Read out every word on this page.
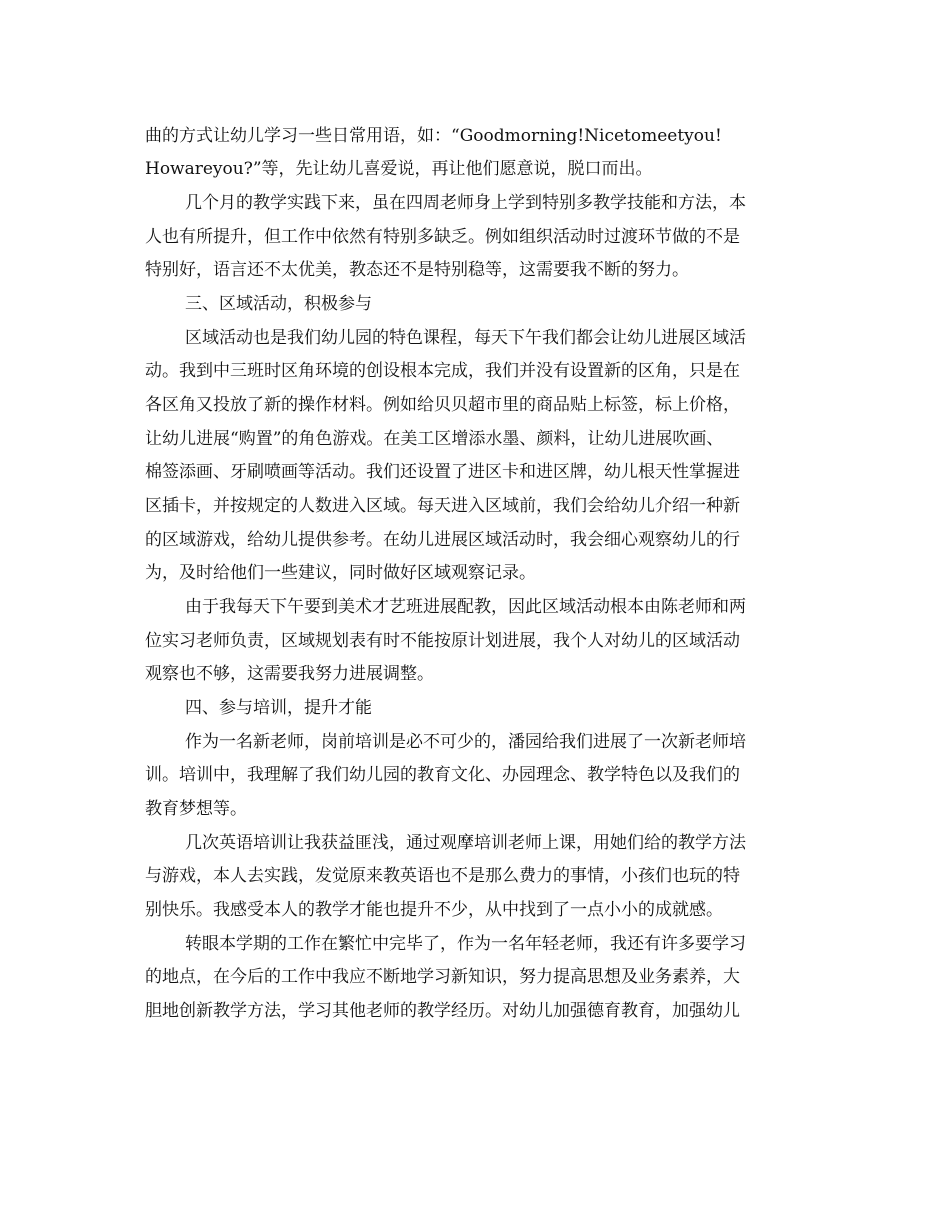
曲的方式让幼儿学习一些日常用语，如：“Goodmorning!Nicetomeetyou!
Howareyou?”等，先让幼儿喜爱说，再让他们愿意说，脱口而出。
几个月的教学实践下来，虽在四周老师身上学到特别多教学技能和方法，本
人也有所提升，但工作中依然有特别多缺乏。例如组织活动时过渡环节做的不是
特别好，语言还不太优美，教态还不是特别稳等，这需要我不断的努力。
三、区域活动，积极参与
区域活动也是我们幼儿园的特色课程，每天下午我们都会让幼儿进展区域活
动。我到中三班时区角环境的创设根本完成，我们并没有设置新的区角，只是在
各区角又投放了新的操作材料。例如给贝贝超市里的商品贴上标签，标上价格，
让幼儿进展“购置”的角色游戏。在美工区增添水墨、颜料，让幼儿进展吹画、
棉签添画、牙刷喷画等活动。我们还设置了进区卡和进区牌，幼儿根天性掌握进
区插卡，并按规定的人数进入区域。每天进入区域前，我们会给幼儿介绍一种新
的区域游戏，给幼儿提供参考。在幼儿进展区域活动时，我会细心观察幼儿的行
为，及时给他们一些建议，同时做好区域观察记录。
由于我每天下午要到美术才艺班进展配教，因此区域活动根本由陈老师和两
位实习老师负责，区域规划表有时不能按原计划进展，我个人对幼儿的区域活动
观察也不够，这需要我努力进展调整。
四、参与培训，提升才能
作为一名新老师，岗前培训是必不可少的，潘园给我们进展了一次新老师培
训。培训中，我理解了我们幼儿园的教育文化、办园理念、教学特色以及我们的
教育梦想等。
几次英语培训让我获益匪浅，通过观摩培训老师上课，用她们给的教学方法
与游戏，本人去实践，发觉原来教英语也不是那么费力的事情，小孩们也玩的特
别快乐。我感受本人的教学才能也提升不少，从中找到了一点小小的成就感。
转眼本学期的工作在繁忙中完毕了，作为一名年轻老师，我还有许多要学习
的地点，在今后的工作中我应不断地学习新知识，努力提高思想及业务素养，大
胆地创新教学方法，学习其他老师的教学经历。对幼儿加强德育教育，加强幼儿
